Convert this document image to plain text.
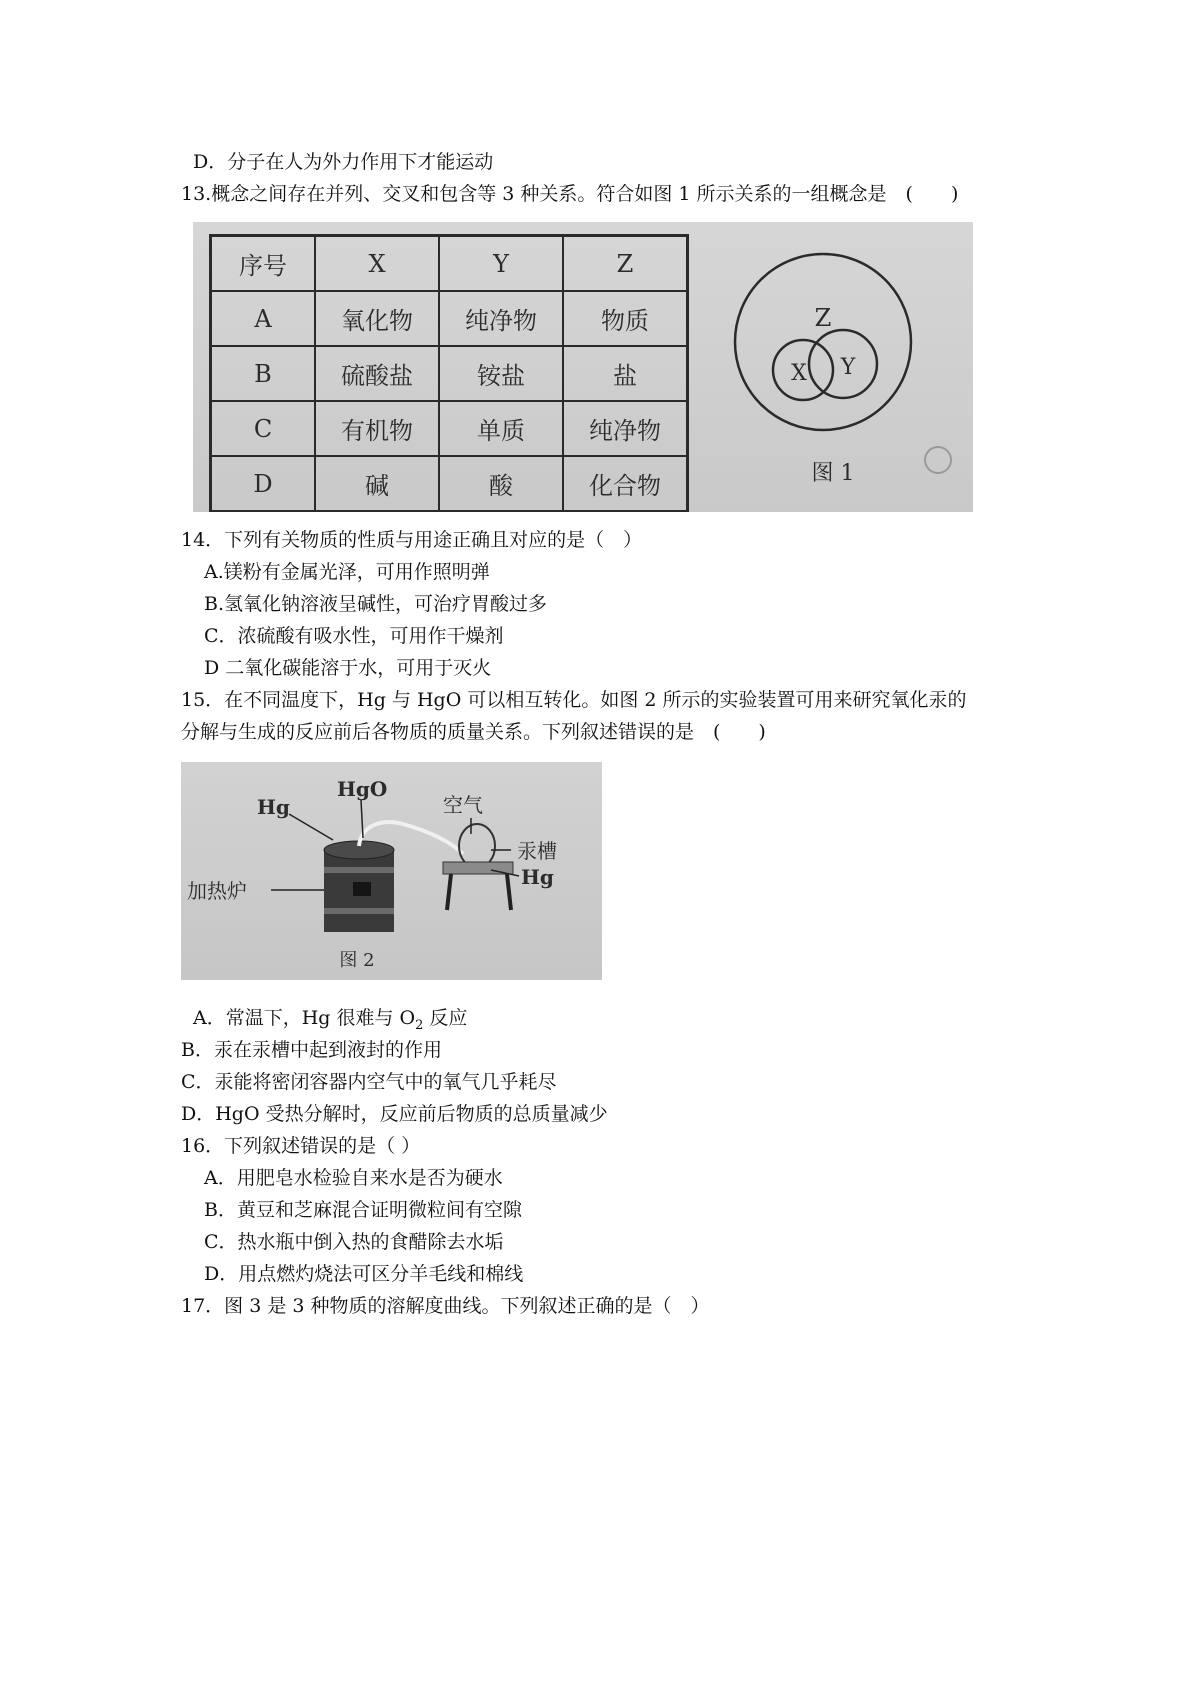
D．分子在人为外力作用下才能运动
13.概念之间存在并列、交叉和包含等 3 种关系。符合如图 1 所示关系的一组概念是　(　　)
序号	X	Y	Z
A	氧化物	纯净物	物质
B	硫酸盐	铵盐	盐
C	有机物	单质	纯净物
D	碱	酸	化合物
Z
X Y
图 1
14．下列有关物质的性质与用途正确且对应的是（　）
A.镁粉有金属光泽，可用作照明弹
B.氢氧化钠溶液呈碱性，可治疗胃酸过多
C．浓硫酸有吸水性，可用作干燥剂
D 二氧化碳能溶于水，可用于灭火
15．在不同温度下，Hg 与 HgO 可以相互转化。如图 2 所示的实验装置可用来研究氧化汞的
分解与生成的反应前后各物质的质量关系。下列叙述错误的是　(　　)
Hg
HgO
空气
汞槽
Hg
加热炉
图 2
A．常温下，Hg 很难与 $O_2$ 反应
B．汞在汞槽中起到液封的作用
C．汞能将密闭容器内空气中的氧气几乎耗尽
D．HgO 受热分解时，反应前后物质的总质量减少
16．下列叙述错误的是（ ）
A．用肥皂水检验自来水是否为硬水
B．黄豆和芝麻混合证明微粒间有空隙
C．热水瓶中倒入热的食醋除去水垢
D．用点燃灼烧法可区分羊毛线和棉线
17．图 3 是 3 种物质的溶解度曲线。下列叙述正确的是（　）
